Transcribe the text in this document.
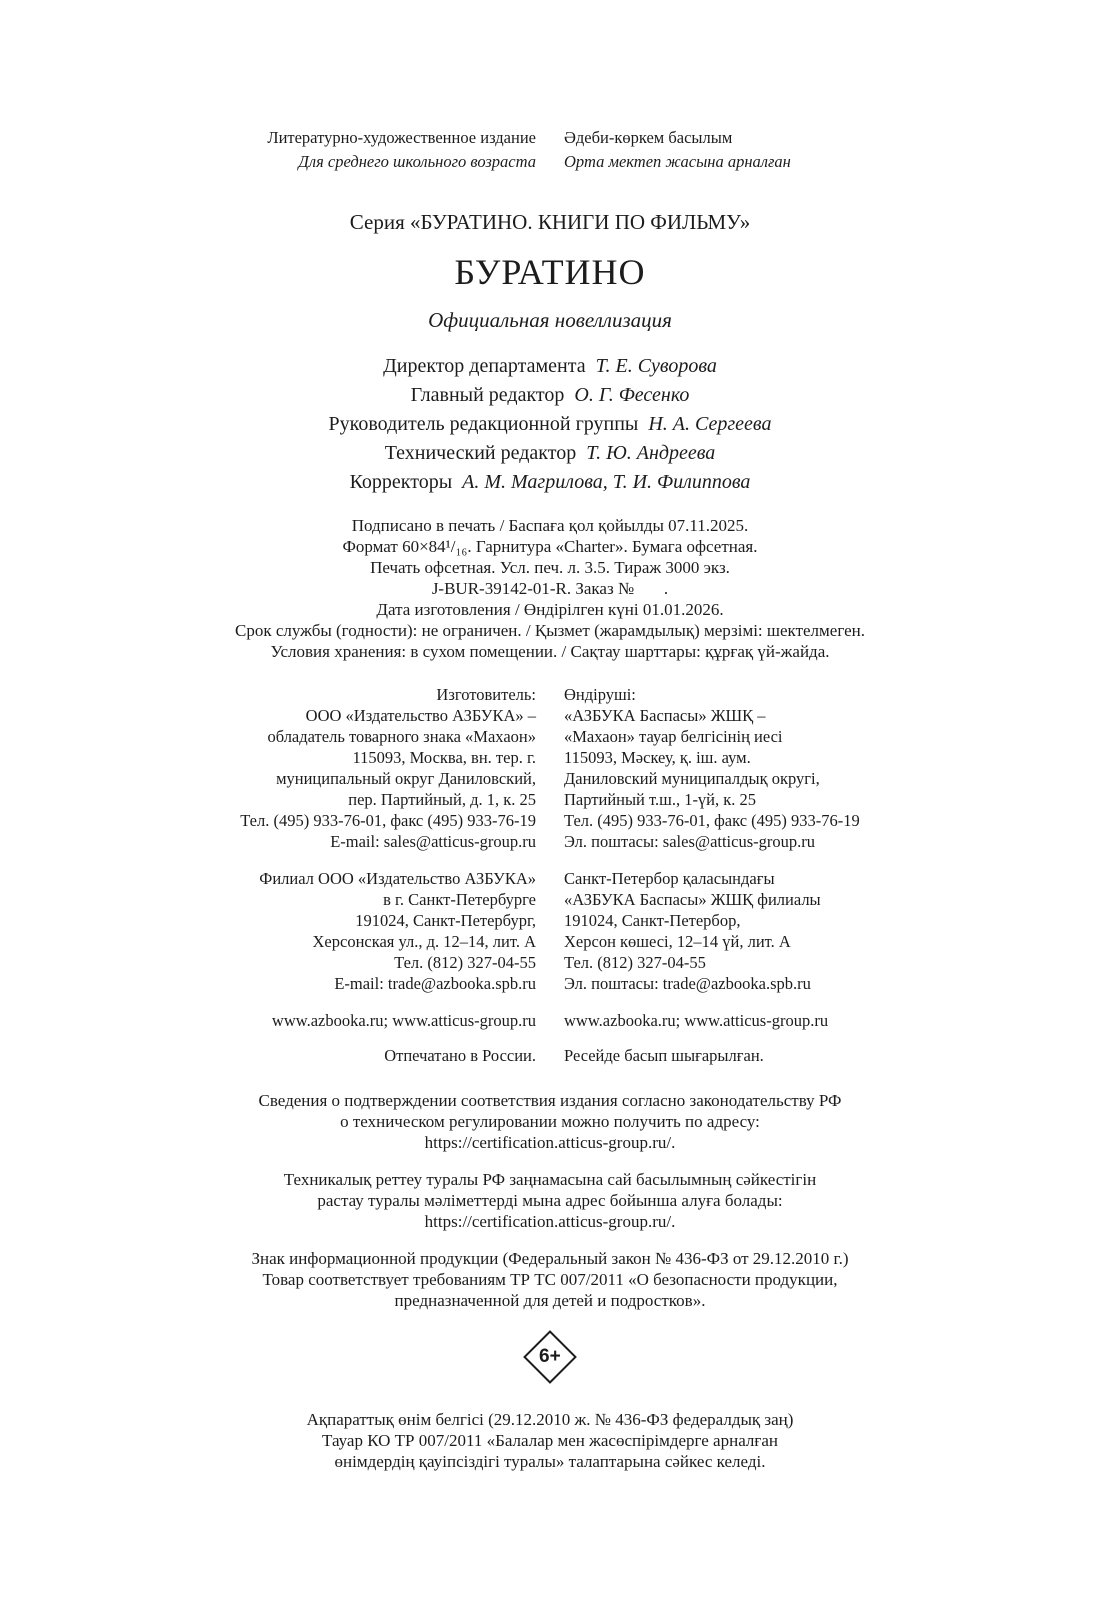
Литературно-художественное издание
Для среднего школьного возраста
Әдеби-көркем басылым
Орта мектеп жасына арналған
Серия «БУРАТИНО. КНИГИ ПО ФИЛЬМУ»
БУРАТИНО
Официальная новеллизация
Директор департамента Т. Е. Суворова
Главный редактор О. Г. Фесенко
Руководитель редакционной группы Н. А. Сергеева
Технический редактор Т. Ю. Андреева
Корректоры А. М. Магрилова, Т. И. Филиппова
Подписано в печать / Баспаға қол қойылды 07.11.2025.
Формат 60×84¹/₁₆. Гарнитура «Charter». Бумага офсетная.
Печать офсетная. Усл. печ. л. 3.5. Тираж 3000 экз.
J-BUR-39142-01-R. Заказ №       .
Дата изготовления / Өндірілген күні 01.01.2026.
Срок службы (годности): не ограничен. / Қызмет (жарамдылық) мерзімі: шектелмеген.
Условия хранения: в сухом помещении. / Сақтау шарттары: құрғақ үй-жайда.
Изготовитель:
ООО «Издательство АЗБУКА» –
обладатель товарного знака «Махаон»
115093, Москва, вн. тер. г.
муниципальный округ Даниловский,
пер. Партийный, д. 1, к. 25
Тел. (495) 933-76-01, факс (495) 933-76-19
E-mail: sales@atticus-group.ru
Өндіруші:
«АЗБУКА Баспасы» ЖШҚ –
«Махаон» тауар белгісінің иесі
115093, Мәскеу, қ. іш. аум.
Даниловский муниципалдық округі,
Партийный т.ш., 1-үй, к. 25
Тел. (495) 933-76-01, факс (495) 933-76-19
Эл. поштасы: sales@atticus-group.ru
Филиал ООО «Издательство АЗБУКА»
в г. Санкт-Петербурге
191024, Санкт-Петербург,
Херсонская ул., д. 12–14, лит. А
Тел. (812) 327-04-55
E-mail: trade@azbooka.spb.ru
Санкт-Петербор қаласындағы
«АЗБУКА Баспасы» ЖШҚ филиалы
191024, Санкт-Петербор,
Херсон көшесі, 12–14 үй, лит. А
Тел. (812) 327-04-55
Эл. поштасы: trade@azbooka.spb.ru
www.azbooka.ru; www.atticus-group.ru www.azbooka.ru; www.atticus-group.ru
Отпечатано в России. Ресейде басып шығарылған.
Сведения о подтверждении соответствия издания согласно законодательству РФ
о техническом регулировании можно получить по адресу:
https://certification.atticus-group.ru/.
Техникалық реттеу туралы РФ заңнамасына сай басылымның сәйкестігін
растау туралы мәліметтерді мына адрес бойынша алуға болады:
https://certification.atticus-group.ru/.
Знак информационной продукции (Федеральный закон № 436-ФЗ от 29.12.2010 г.)
Товар соответствует требованиям ТР ТС 007/2011 «О безопасности продукции,
предназначенной для детей и подростков».
6+
Ақпараттық өнім белгісі (29.12.2010 ж. № 436-ФЗ федералдық заң)
Тауар КО ТР 007/2011 «Балалар мен жасөспірімдерге арналған
өнімдердің қауіпсіздігі туралы» талаптарына сәйкес келеді.
